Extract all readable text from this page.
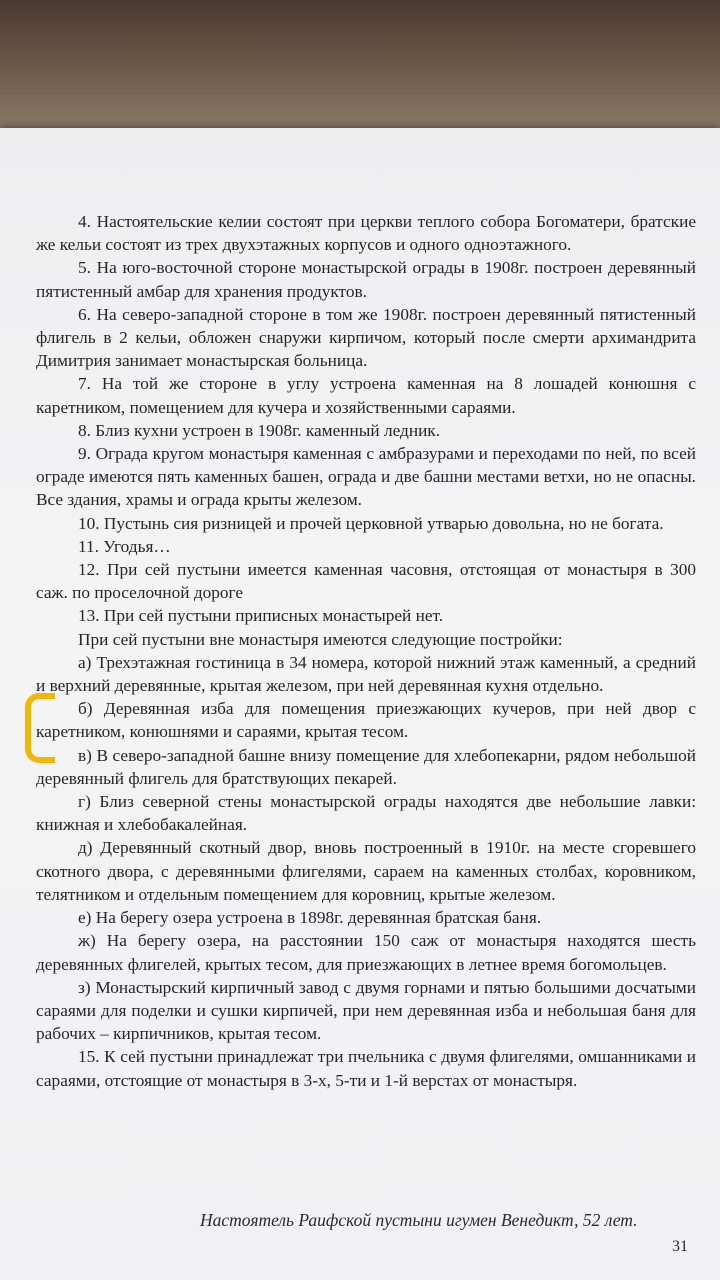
4. Настоятельские келии состоят при церкви теплого собора Богоматери, братские же кельи состоят из трех двухэтажных корпусов и одного одноэтажного.

5. На юго-восточной стороне монастырской ограды в 1908г. построен деревянный пятистенный амбар для хранения продуктов.

6. На северо-западной стороне в том же 1908г. построен деревянный пятистенный флигель в 2 кельи, обложен снаружи кирпичом, который после смерти архимандрита Димитрия занимает монастырская больница.

7. На той же стороне в углу устроена каменная на 8 лошадей конюшня с каретником, помещением для кучера и хозяйственными сараями.

8. Близ кухни устроен в 1908г. каменный ледник.

9. Ограда кругом монастыря каменная с амбразурами и переходами по ней, по всей ограде имеются пять каменных башен, ограда и две башни местами ветхи, но не опасны. Все здания, храмы и ограда крыты железом.

10. Пустынь сия ризницей и прочей церковной утварью довольна, но не богата.

11. Угодья…

12. При сей пустыни имеется каменная часовня, отстоящая от монастыря в 300 саж. по проселочной дороге

13. При сей пустыни приписных монастырей нет.

При сей пустыни вне монастыря имеются следующие постройки:

а) Трехэтажная гостиница в 34 номера, которой нижний этаж каменный, а средний и верхний деревянные, крытая железом, при ней деревянная кухня отдельно.

б) Деревянная изба для помещения приезжающих кучеров, при ней двор с каретником, конюшнями и сараями, крытая тесом.

в) В северо-западной башне внизу помещение для хлебопекарни, рядом небольшой деревянный флигель для братствующих пекарей.

г) Близ северной стены монастырской ограды находятся две небольшие лавки: книжная и хлебобакалейная.

д) Деревянный скотный двор, вновь построенный в 1910г. на месте сгоревшего скотного двора, с деревянными флигелями, сараем на каменных столбах, коровником, телятником и отдельным помещением для коровниц, крытые железом.

е) На берегу озера устроена в 1898г. деревянная братская баня.

ж) На берегу озера, на расстоянии 150 саж от монастыря находятся шесть деревянных флигелей, крытых тесом, для приезжающих в летнее время богомольцев.

з) Монастырский кирпичный завод с двумя горнами и пятью большими досчатыми сараями для поделки и сушки кирпичей, при нем деревянная изба и небольшая баня для рабочих – кирпичников, крытая тесом.

15. К сей пустыни принадлежат три пчельника с двумя флигелями, омшанниками и сараями, отстоящие от монастыря в 3-х, 5-ти и 1-й верстах от монастыря.

Настоятель Раифской пустыни игумен Венедикт, 52 лет.
31
